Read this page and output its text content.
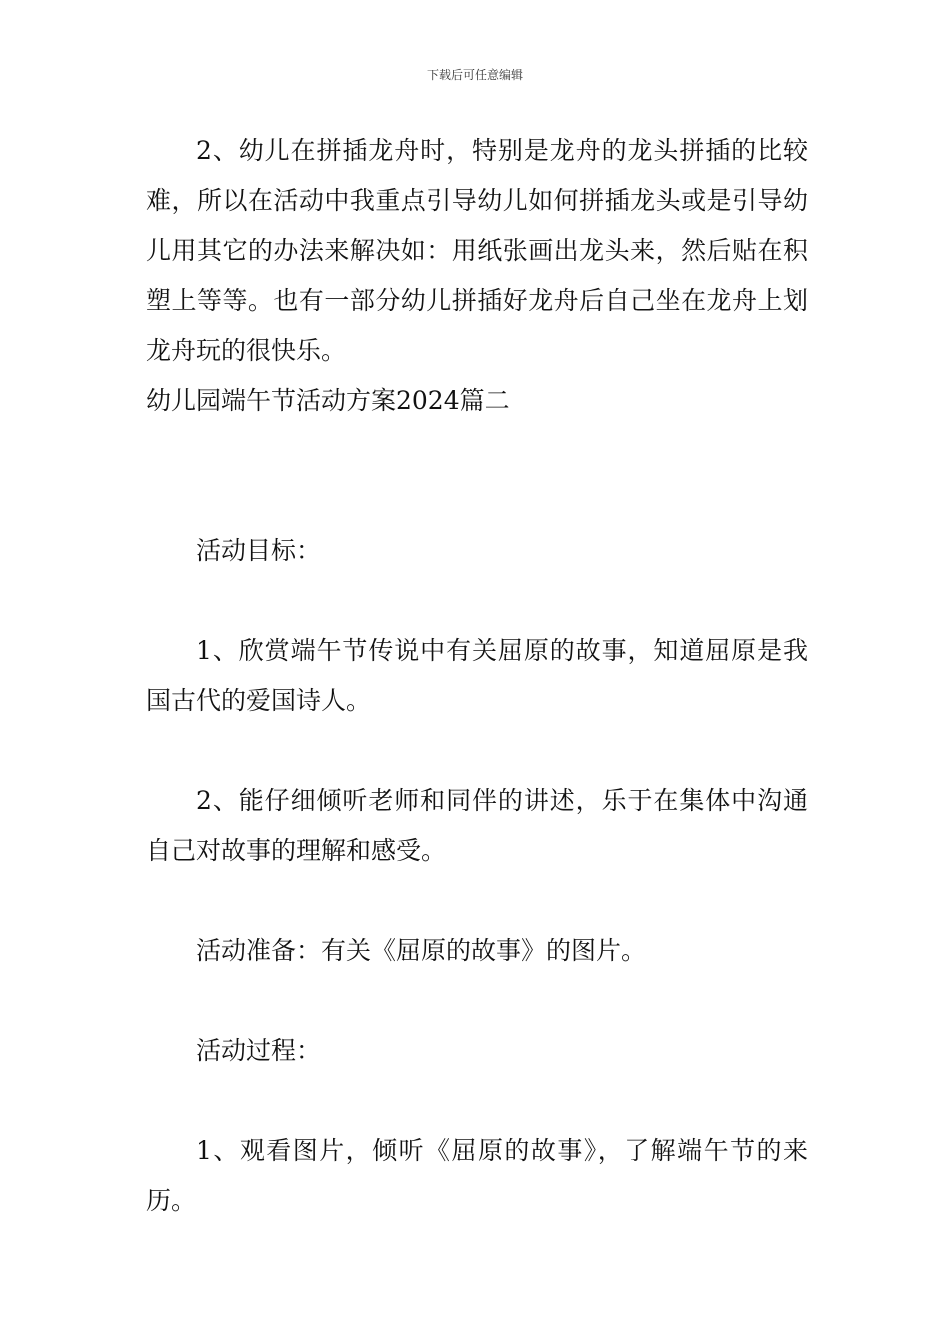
下载后可任意编辑

2、幼儿在拼插龙舟时，特别是龙舟的龙头拼插的比较难，所以在活动中我重点引导幼儿如何拼插龙头或是引导幼儿用其它的办法来解决如：用纸张画出龙头来，然后贴在积塑上等等。也有一部分幼儿拼插好龙舟后自己坐在龙舟上划龙舟玩的很快乐。

幼儿园端午节活动方案2024篇二

活动目标：

1、欣赏端午节传说中有关屈原的故事，知道屈原是我国古代的爱国诗人。

2、能仔细倾听老师和同伴的讲述，乐于在集体中沟通自己对故事的理解和感受。

活动准备：有关《屈原的故事》的图片。

活动过程：

1、观看图片，倾听《屈原的故事》，了解端午节的来历。
